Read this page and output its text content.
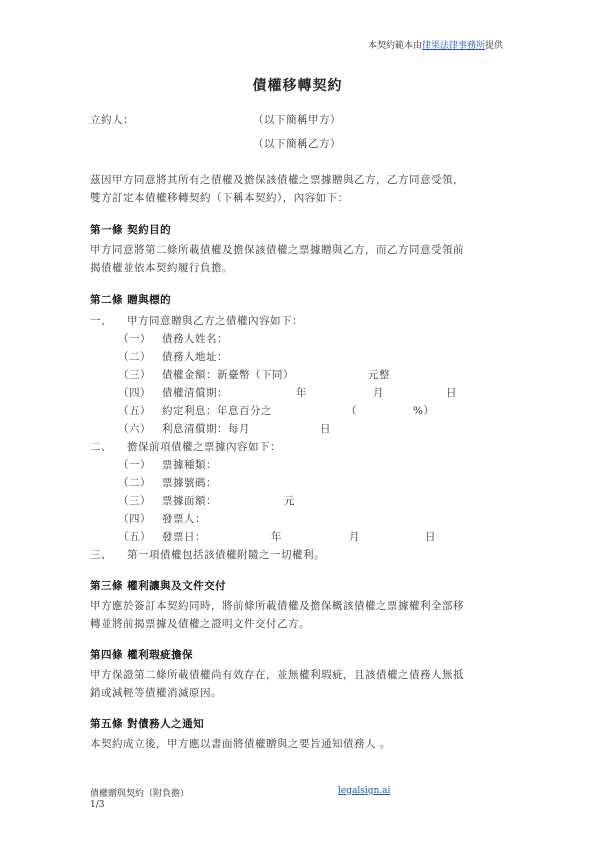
本契約範本由律果法律事務所提供
債權移轉契約
立約人：	（以下簡稱甲方）
（以下簡稱乙方）
茲因甲方同意將其所有之債權及擔保該債權之票據贈與乙方，乙方同意受領，
雙方訂定本債權移轉契約（下稱本契約），內容如下：
第一條 契約目的
甲方同意將第二條所載債權及擔保該債權之票據贈與乙方，而乙方同意受領前
揭債權並依本契約履行負擔。
第二條 贈與標的
一、 甲方同意贈與乙方之債權內容如下：
（一） 債務人姓名：
（二） 債務人地址：
（三） 債權金額：新臺幣（下同）	元整
（四） 債權清償期：	年	月	日
（五） 約定利息：年息百分之	（	%）
（六） 利息清償期：每月	日
二、 擔保前項債權之票據內容如下：
（一） 票據種類：
（二） 票據號碼：
（三） 票據面額：	元
（四） 發票人：
（五） 發票日：	年	月	日
三、 第一項債權包括該債權附隨之一切權利。
第三條 權利讓與及文件交付
甲方應於簽訂本契約同時，將前條所載債權及擔保概該債權之票據權利全部移
轉並將前揭票據及債權之證明文件交付乙方。
第四條 權利瑕疵擔保
甲方保證第二條所載債權尚有效存在，並無權利瑕疵，且該債權之債務人無抵
銷或減輕等債權消滅原因。
第五條 對債務人之通知
本契約成立後，甲方應以書面將債權贈與之要旨通知債務人 。
債權贈與契約（附負擔）	legalsign.ai
1/3
